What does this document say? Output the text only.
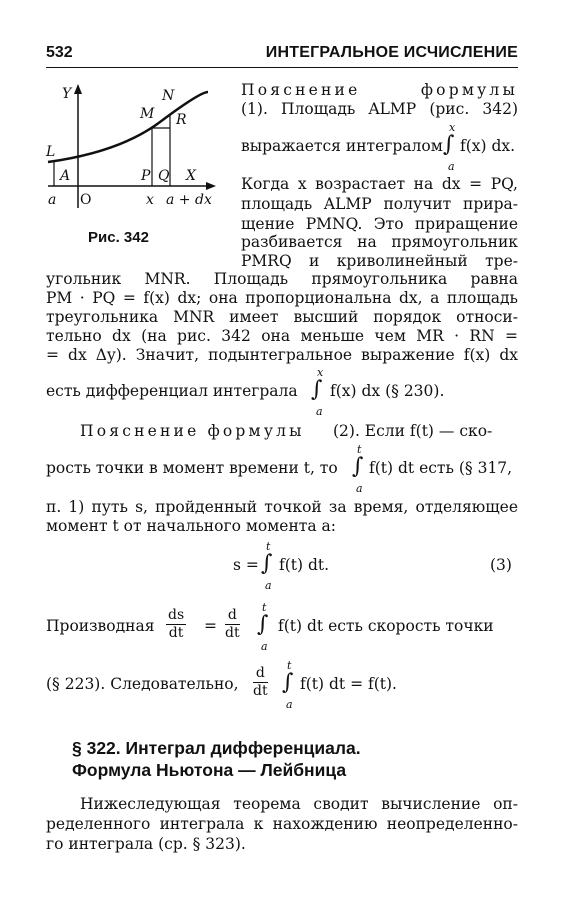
532	ИНТЕГРАЛЬНОЕ ИСЧИСЛЕНИЕ
Y	N
M R
L
A	P Q X
a O	x a + dx
Рис. 342
Пояснение формулы
(1). Площадь ALMP (рис. 342)
выражается интегралом
x
∫
a
f(x) dx.
Когда x возрастает на dx = PQ,
площадь ALMP получит прира-
щение PMNQ. Это приращение
разбивается на прямоугольник
PMRQ и криволинейный тре-
угольник MNR. Площадь прямоугольника равна
PM · PQ = f(x) dx; она пропорциональна dx, а площадь
треугольника MNR имеет высший порядок относи-
тельно dx (на рис. 342 она меньше чем MR · RN =
= dx Δy). Значит, подынтегральное выражение f(x) dx
есть дифференциал интеграла
x
∫
a
f(x) dx (§ 230).
Пояснение формулы (2). Если f(t) — ско-
рость точки в момент времени t, то
t
∫
a
f(t) dt есть (§ 317,
п. 1) путь s, пройденный точкой за время, отделяющее
момент t от начального момента a:
s =
t
∫
a
f(t) dt.	(3)
Производная $\frac{ds}{dt} = \frac{d}{dt}$ t
∫
a
f(t) dt есть скорость точки
(§ 223). Следовательно, $\frac{d}{dt}$ t
∫
a
f(t) dt = f(t).
§ 322. Интеграл дифференциала.
Формула Ньютона — Лейбница
Нижеследующая теорема сводит вычисление оп-
ределенного интеграла к нахождению неопределенно-
го интеграла (ср. § 323).
